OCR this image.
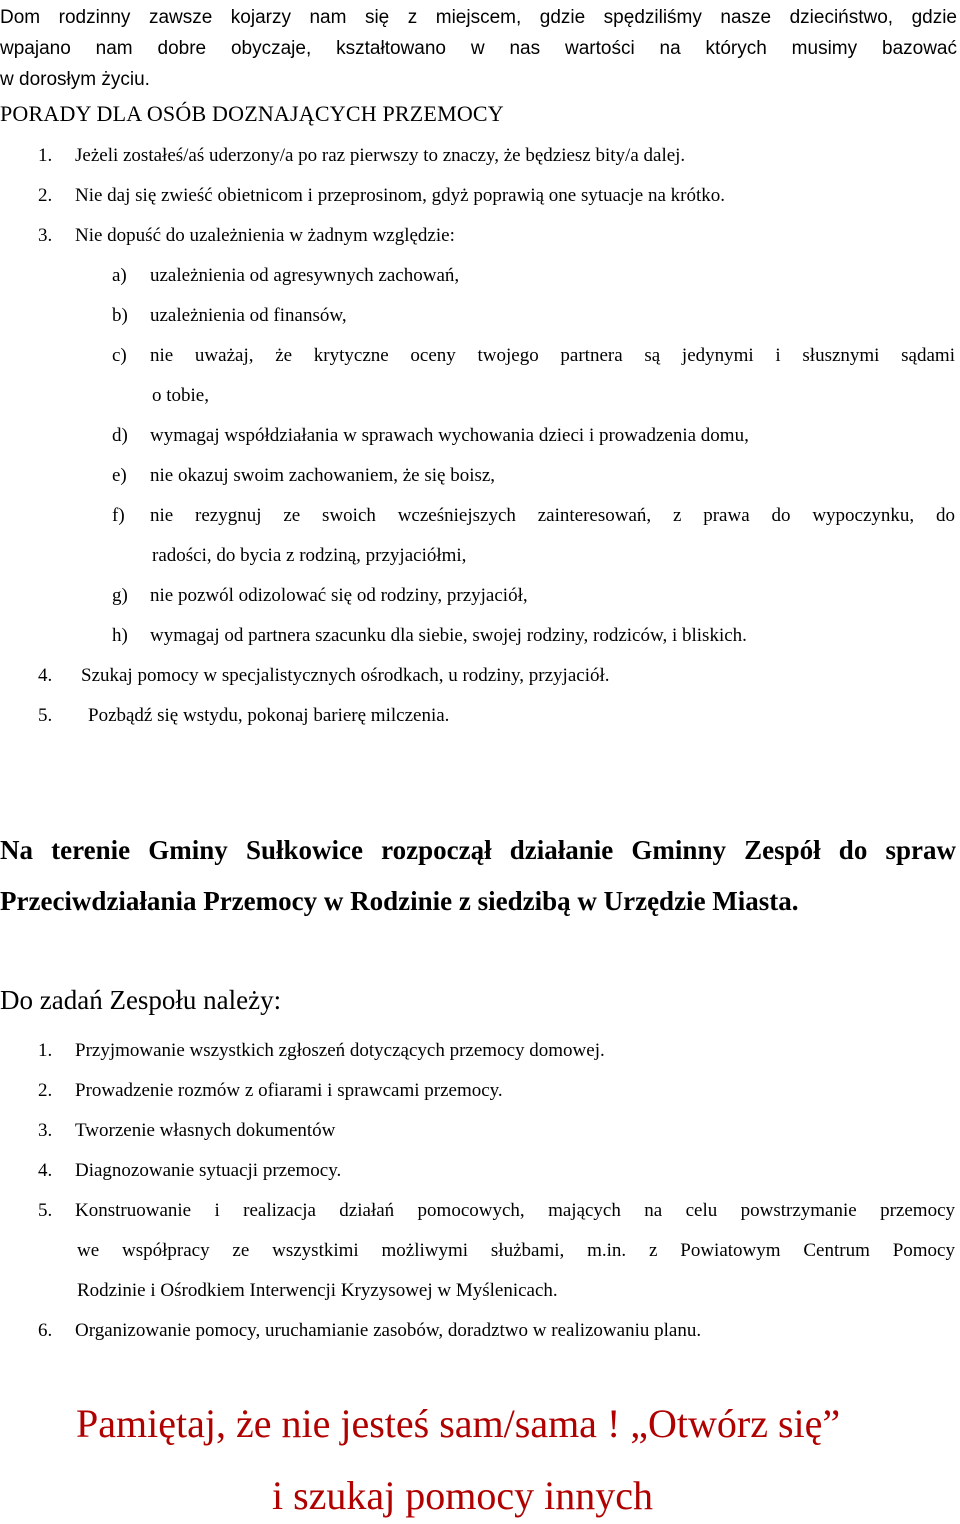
Dom rodzinny zawsze kojarzy nam się z miejscem, gdzie spędziliśmy nasze dzieciństwo, gdzie
wpajano nam dobre obyczaje, kształtowano w nas wartości na których musimy bazować
w dorosłym życiu.
PORADY DLA OSÓB DOZNAJĄCYCH PRZEMOCY
1. Jeżeli zostałeś/aś uderzony/a po raz pierwszy to znaczy, że będziesz bity/a dalej.
2. Nie daj się zwieść obietnicom i przeprosinom, gdyż poprawią one sytuacje na krótko.
3. Nie dopuść do uzależnienia w żadnym względzie:
a) uzależnienia od agresywnych zachowań,
b) uzależnienia od finansów,
c) nie uważaj, że krytyczne oceny twojego partnera są jedynymi i słusznymi sądami
o tobie,
d) wymagaj współdziałania w sprawach wychowania dzieci i prowadzenia domu,
e) nie okazuj swoim zachowaniem, że się boisz,
f) nie rezygnuj ze swoich wcześniejszych zainteresowań, z prawa do wypoczynku, do
radości, do bycia z rodziną, przyjaciółmi,
g) nie pozwól odizolować się od rodziny, przyjaciół,
h) wymagaj od partnera szacunku dla siebie, swojej rodziny, rodziców, i bliskich.
4. Szukaj pomocy w specjalistycznych ośrodkach, u rodziny, przyjaciół.
5. Pozbądź się wstydu, pokonaj barierę milczenia.
Na terenie Gminy Sułkowice rozpoczął działanie Gminny Zespół do spraw
Przeciwdziałania Przemocy w Rodzinie z siedzibą w Urzędzie Miasta.
Do zadań Zespołu należy:
1. Przyjmowanie wszystkich zgłoszeń dotyczących przemocy domowej.
2. Prowadzenie rozmów z ofiarami i sprawcami przemocy.
3. Tworzenie własnych dokumentów
4. Diagnozowanie sytuacji przemocy.
5. Konstruowanie i realizacja działań pomocowych, mających na celu powstrzymanie przemocy
we współpracy ze wszystkimi możliwymi służbami, m.in. z Powiatowym Centrum Pomocy
Rodzinie i Ośrodkiem Interwencji Kryzysowej w Myślenicach.
6. Organizowanie pomocy, uruchamianie zasobów, doradztwo w realizowaniu planu.
Pamiętaj, że nie jesteś sam/sama ! „Otwórz się”
i szukaj pomocy innych
